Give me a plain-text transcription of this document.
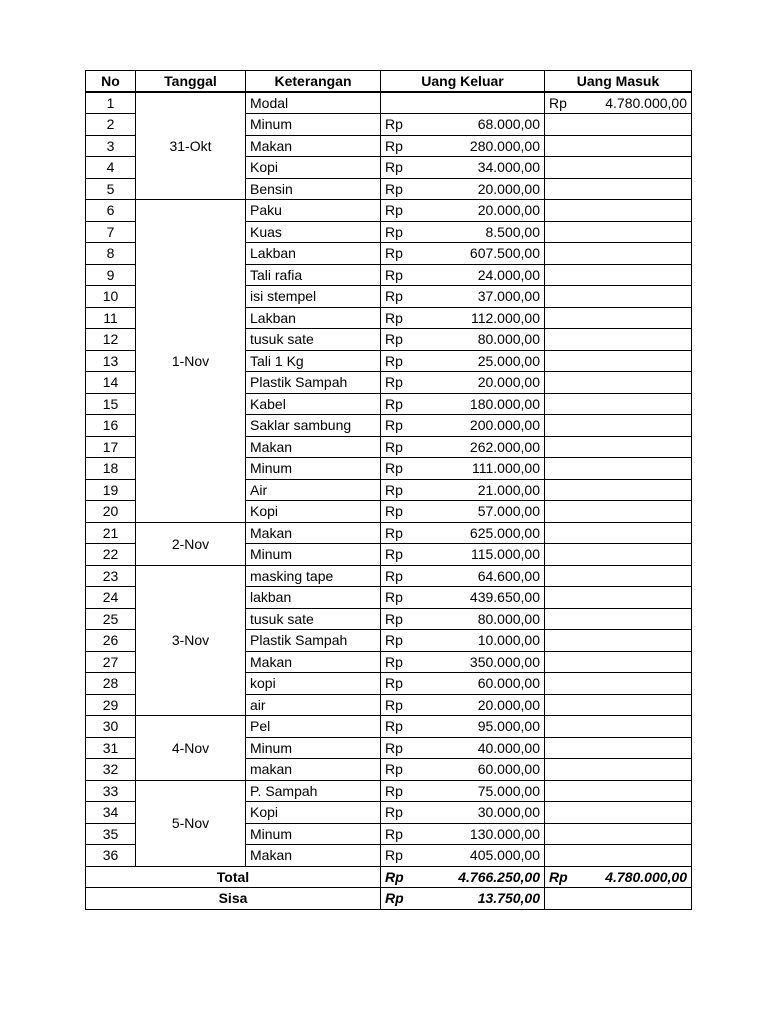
No	Tanggal	Keterangan	Uang Keluar	Uang Masuk
1	31-Okt	Modal		Rp 4.780.000,00

2		Minum	Rp 68.000,00	

3		Makan	Rp 280.000,00	

4		Kopi	Rp 34.000,00	

5		Bensin	Rp 20.000,00	

6	1-Nov	Paku	Rp 20.000,00	

7		Kuas	Rp 8.500,00	

8		Lakban	Rp 607.500,00	

9		Tali rafia	Rp 24.000,00	

10		isi stempel	Rp 37.000,00	

11		Lakban	Rp 112.000,00	

12		tusuk sate	Rp 80.000,00	

13		Tali 1 Kg	Rp 25.000,00	

14		Plastik Sampah	Rp 20.000,00	

15		Kabel	Rp 180.000,00	

16		Saklar sambung	Rp 200.000,00	

17		Makan	Rp 262.000,00	

18		Minum	Rp 111.000,00	

19		Air	Rp 21.000,00	

20		Kopi	Rp 57.000,00	

21	2-Nov	Makan	Rp 625.000,00	

22		Minum	Rp 115.000,00	

23	3-Nov	masking tape	Rp 64.600,00	

24		lakban	Rp 439.650,00	

25		tusuk sate	Rp 80.000,00	

26		Plastik Sampah	Rp 10.000,00	

27		Makan	Rp 350.000,00	

28		kopi	Rp 60.000,00	

29		air	Rp 20.000,00	

30	4-Nov	Pel	Rp 95.000,00	

31		Minum	Rp 40.000,00	

32		makan	Rp 60.000,00	

33	5-Nov	P. Sampah	Rp 75.000,00	

34		Kopi	Rp 30.000,00	

35		Minum	Rp 130.000,00	

36		Makan	Rp 405.000,00	

Total			Rp 4.766.250,00	Rp 4.780.000,00

Sisa			Rp 13.750,00	
